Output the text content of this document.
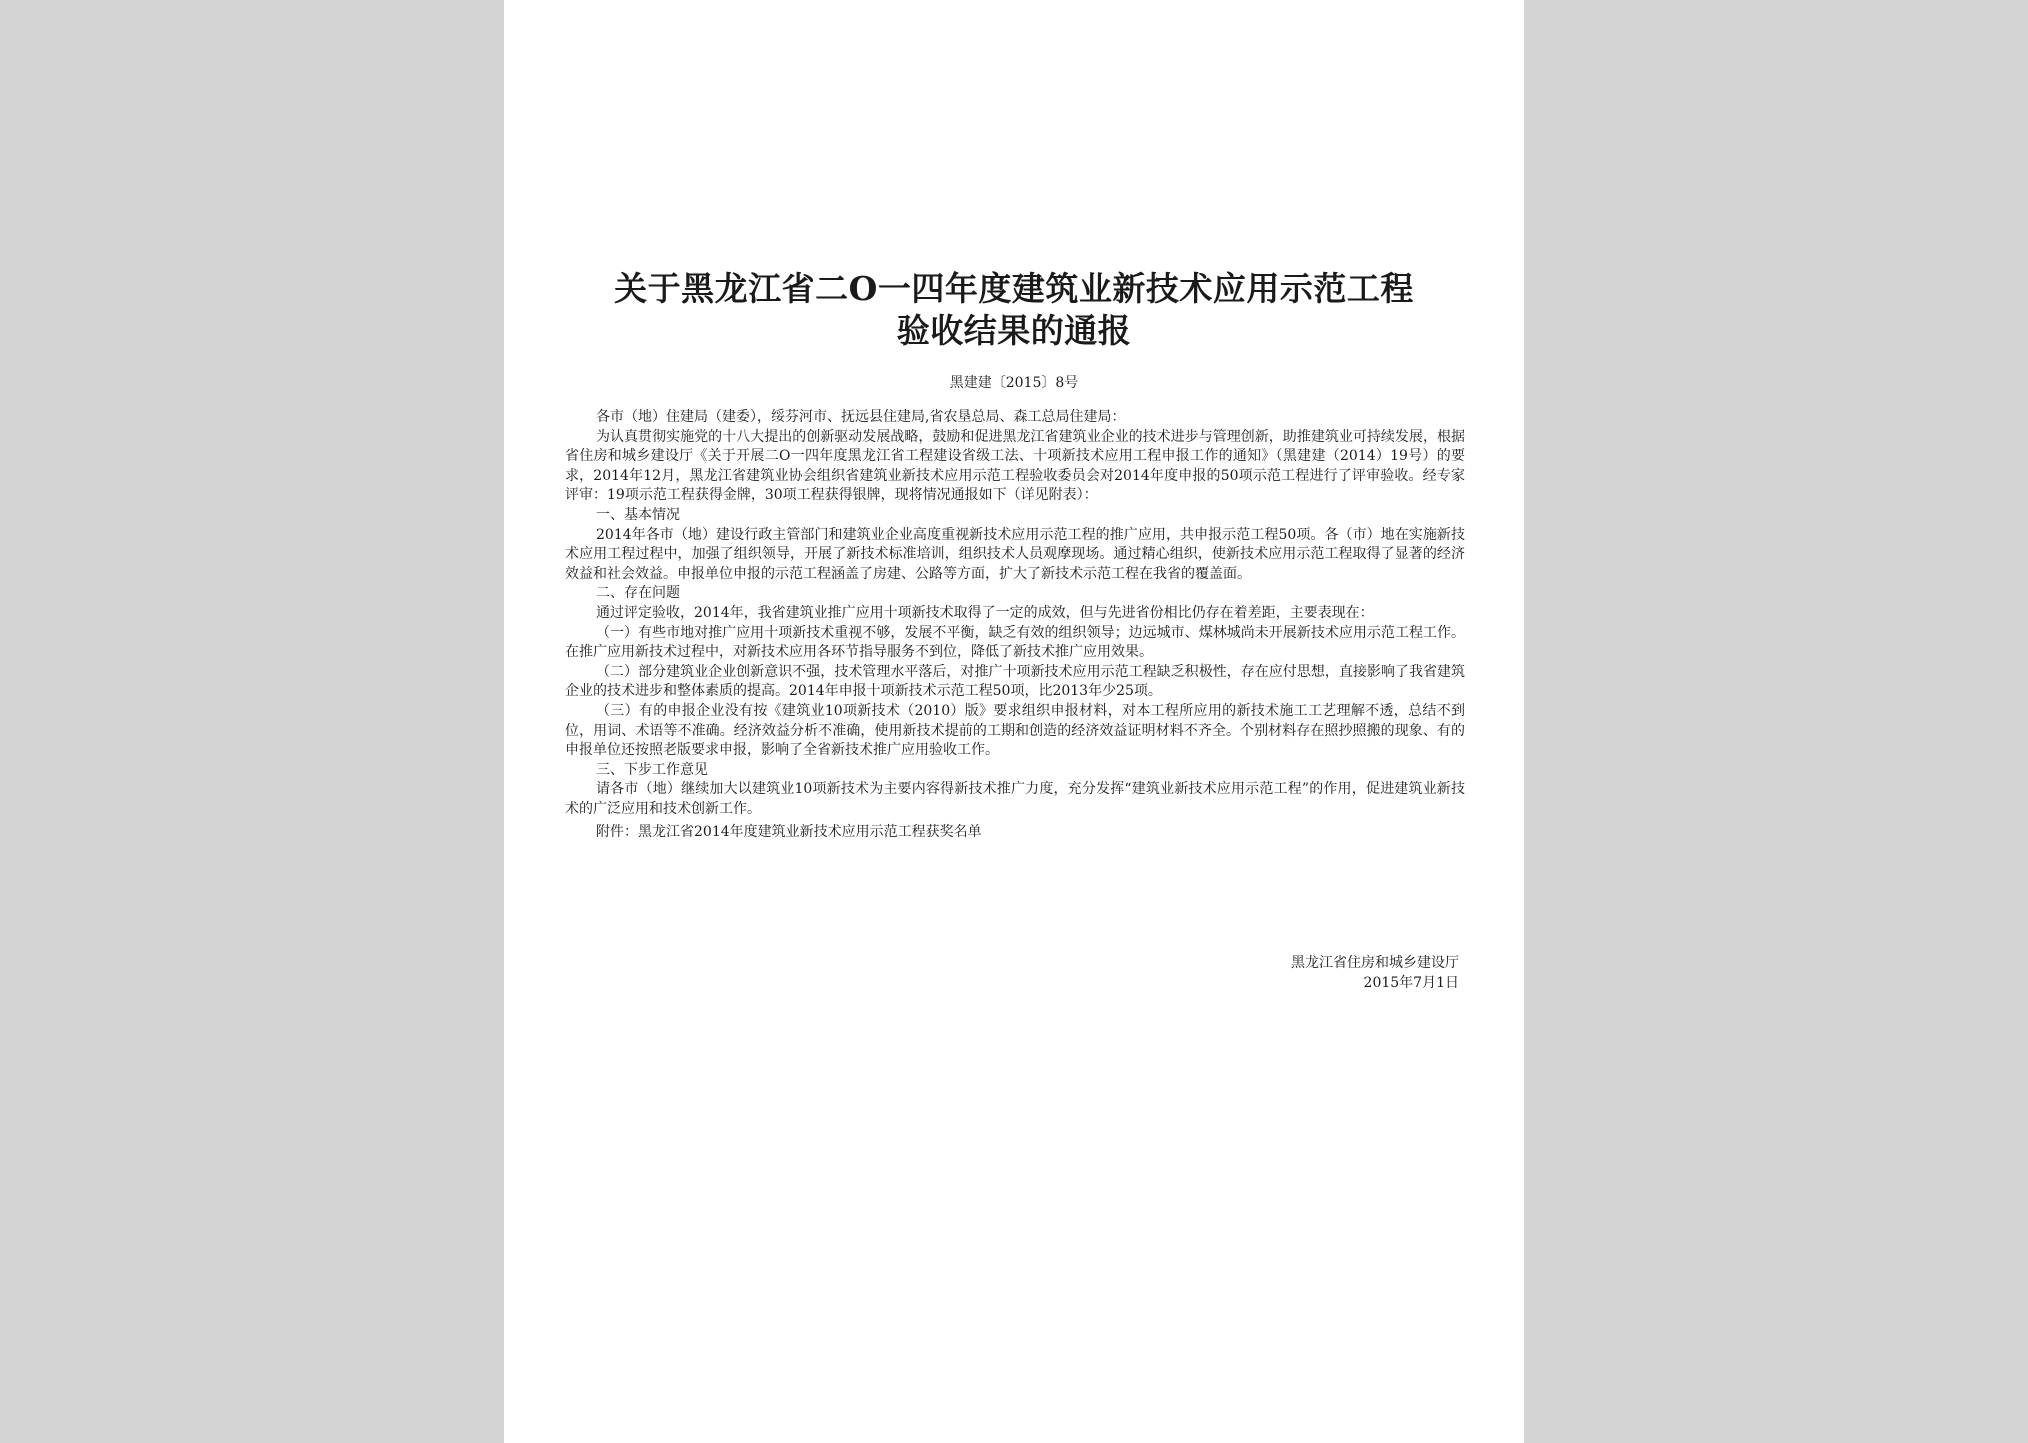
关于黑龙江省二O一四年度建筑业新技术应用示范工程
验收结果的通报
黑建建〔2015〕8号

各市（地）住建局（建委），绥芬河市、抚远县住建局,省农垦总局、森工总局住建局：

为认真贯彻实施党的十八大提出的创新驱动发展战略，鼓励和促进黑龙江省建筑业企业的技术进步与管理创新，助推建筑业可持续发展，根据省住房和城乡建设厅《关于开展二O一四年度黑龙江省工程建设省级工法、十项新技术应用工程申报工作的通知》（黑建建（2014）19号）的要求，2014年12月，黑龙江省建筑业协会组织省建筑业新技术应用示范工程验收委员会对2014年度申报的50项示范工程进行了评审验收。经专家评审：19项示范工程获得金牌，30项工程获得银牌，现将情况通报如下（详见附表）：

一、基本情况

2014年各市（地）建设行政主管部门和建筑业企业高度重视新技术应用示范工程的推广应用，共申报示范工程50项。各（市）地在实施新技术应用工程过程中，加强了组织领导，开展了新技术标准培训，组织技术人员观摩现场。通过精心组织，使新技术应用示范工程取得了显著的经济效益和社会效益。申报单位申报的示范工程涵盖了房建、公路等方面，扩大了新技术示范工程在我省的覆盖面。

二、存在问题

通过评定验收，2014年，我省建筑业推广应用十项新技术取得了一定的成效，但与先进省份相比仍存在着差距，主要表现在：

（一）有些市地对推广应用十项新技术重视不够，发展不平衡，缺乏有效的组织领导；边远城市、煤林城尚未开展新技术应用示范工程工作。在推广应用新技术过程中，对新技术应用各环节指导服务不到位，降低了新技术推广应用效果。

（二）部分建筑业企业创新意识不强，技术管理水平落后，对推广十项新技术应用示范工程缺乏积极性，存在应付思想，直接影响了我省建筑企业的技术进步和整体素质的提高。2014年申报十项新技术示范工程50项，比2013年少25项。

（三）有的申报企业没有按《建筑业10项新技术（2010）版》要求组织申报材料，对本工程所应用的新技术施工工艺理解不透，总结不到位，用词、术语等不准确。经济效益分析不准确，使用新技术提前的工期和创造的经济效益证明材料不齐全。个别材料存在照抄照搬的现象、有的申报单位还按照老版要求申报，影响了全省新技术推广应用验收工作。

三、下步工作意见

请各市（地）继续加大以建筑业10项新技术为主要内容得新技术推广力度，充分发挥“建筑业新技术应用示范工程”的作用，促进建筑业新技术的广泛应用和技术创新工作。

附件：黑龙江省2014年度建筑业新技术应用示范工程获奖名单

黑龙江省住房和城乡建设厅
2015年7月1日
